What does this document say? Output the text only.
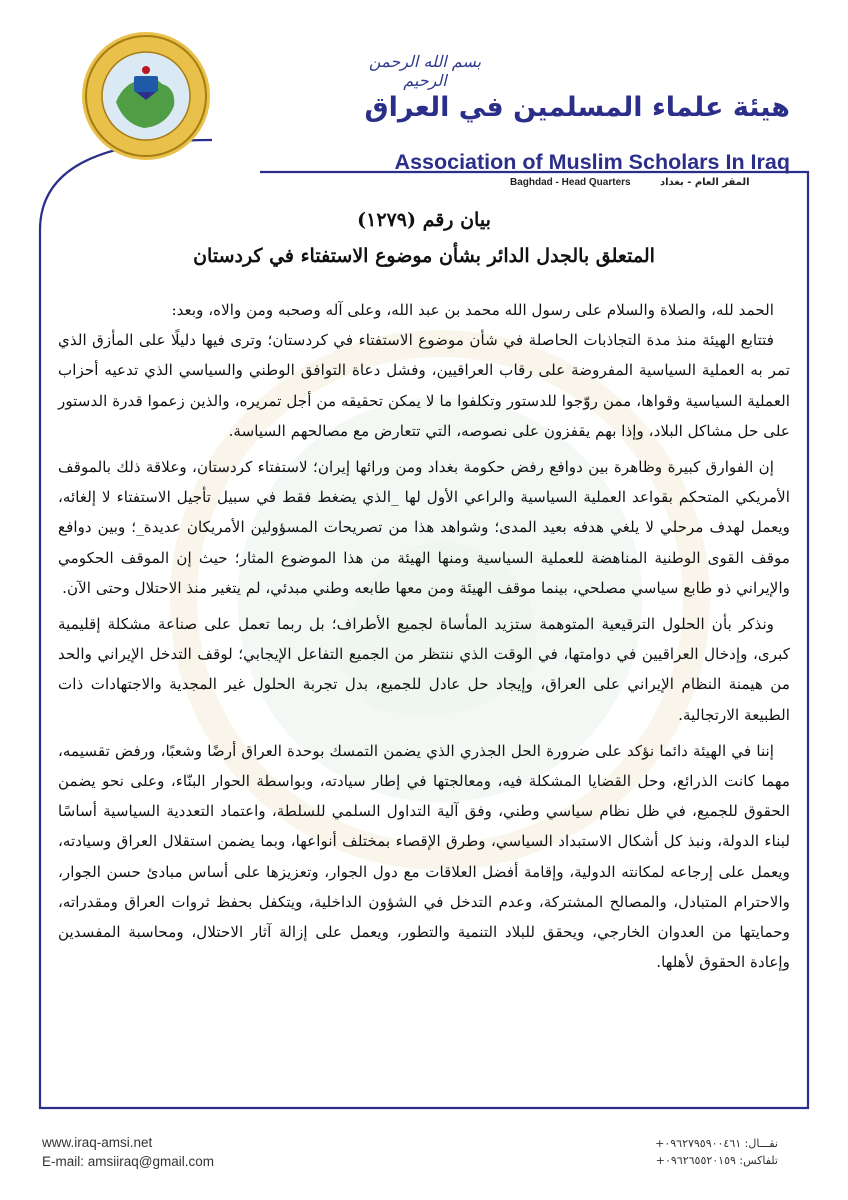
بسم الله الرحمن الرحيم
هيئة علماء المسلمين في العراق
Association of Muslim Scholars In Iraq
Baghdad - Head Quarters	المقر العام - بغداد

بيان رقم (١٢٧٩)

المتعلق بالجدل الدائر بشأن موضوع الاستفتاء في كردستان

الحمد لله، والصلاة والسلام على رسول الله محمد بن عبد الله، وعلى آله وصحبه ومن والاه، وبعد:

فتتابع الهيئة منذ مدة التجاذبات الحاصلة في شأن موضوع الاستفتاء في كردستان؛ وترى فيها دليلًا على المأزق الذي تمر به العملية السياسية المفروضة على رقاب العراقيين، وفشل دعاة التوافق الوطني والسياسي الذي تدعيه أحزاب العملية السياسية وقواها، ممن روّجوا للدستور وتكلفوا ما لا يمكن تحقيقه من أجل تمريره، والذين زعموا قدرة الدستور على حل مشاكل البلاد، وإذا بهم يقفزون على نصوصه، التي تتعارض مع مصالحهم السياسة.

إن الفوارق كبيرة وظاهرة بين دوافع رفض حكومة بغداد ومن ورائها إيران؛ لاستفتاء كردستان، وعلاقة ذلك بالموقف الأمريكي المتحكم بقواعد العملية السياسية والراعي الأول لها _الذي يضغط فقط في سبيل تأجيل الاستفتاء لا إلغائه، ويعمل لهدف مرحلي لا يلغي هدفه بعيد المدى؛ وشواهد هذا من تصريحات المسؤولين الأمريكان عديدة_؛ وبين دوافع موقف القوى الوطنية المناهضة للعملية السياسية ومنها الهيئة من هذا الموضوع المثار؛ حيث إن الموقف الحكومي والإيراني ذو طابع سياسي مصلحي، بينما موقف الهيئة ومن معها طابعه وطني مبدئي، لم يتغير منذ الاحتلال وحتى الآن.

ونذكر بأن الحلول الترقيعية المتوهمة ستزيد المأساة لجميع الأطراف؛ بل ربما تعمل على صناعة مشكلة إقليمية كبرى، وإدخال العراقيين في دوامتها، في الوقت الذي ننتظر من الجميع التفاعل الإيجابي؛ لوقف التدخل الإيراني والحد من هيمنة النظام الإيراني على العراق، وإيجاد حل عادل للجميع، بدل تجربة الحلول غير المجدية والاجتهادات ذات الطبيعة الارتجالية.

إننا في الهيئة دائما نؤكد على ضرورة الحل الجذري الذي يضمن التمسك بوحدة العراق أرضًا وشعبًا، ورفض تقسيمه، مهما كانت الذرائع، وحل القضايا المشكلة فيه، ومعالجتها في إطار سيادته، وبواسطة الحوار البنّاء، وعلى نحو يضمن الحقوق للجميع، في ظل نظام سياسي وطني، وفق آلية التداول السلمي للسلطة، واعتماد التعددية السياسية أساسًا لبناء الدولة، ونبذ كل أشكال الاستبداد السياسي، وطرق الإقصاء بمختلف أنواعها، وبما يضمن استقلال العراق وسيادته، ويعمل على إرجاعه لمكانته الدولية، وإقامة أفضل العلاقات مع دول الجوار، وتعزيزها على أساس مبادئ حسن الجوار، والاحترام المتبادل، والمصالح المشتركة، وعدم التدخل في الشؤون الداخلية، ويتكفل بحفظ ثروات العراق ومقدراته، وحمايتها من العدوان الخارجي، ويحقق للبلاد التنمية والتطور، ويعمل على إزالة آثار الاحتلال، ومحاسبة المفسدين وإعادة الحقوق لأهلها.

www.iraq-amsi.net
E-mail: amsiiraq@gmail.com
نقـــال: ٠٩٦٢٧٩٥٩٠٠٤٦١+
تلفاكس: ٠٩٦٢٦٥٥٢٠١٥٩+
